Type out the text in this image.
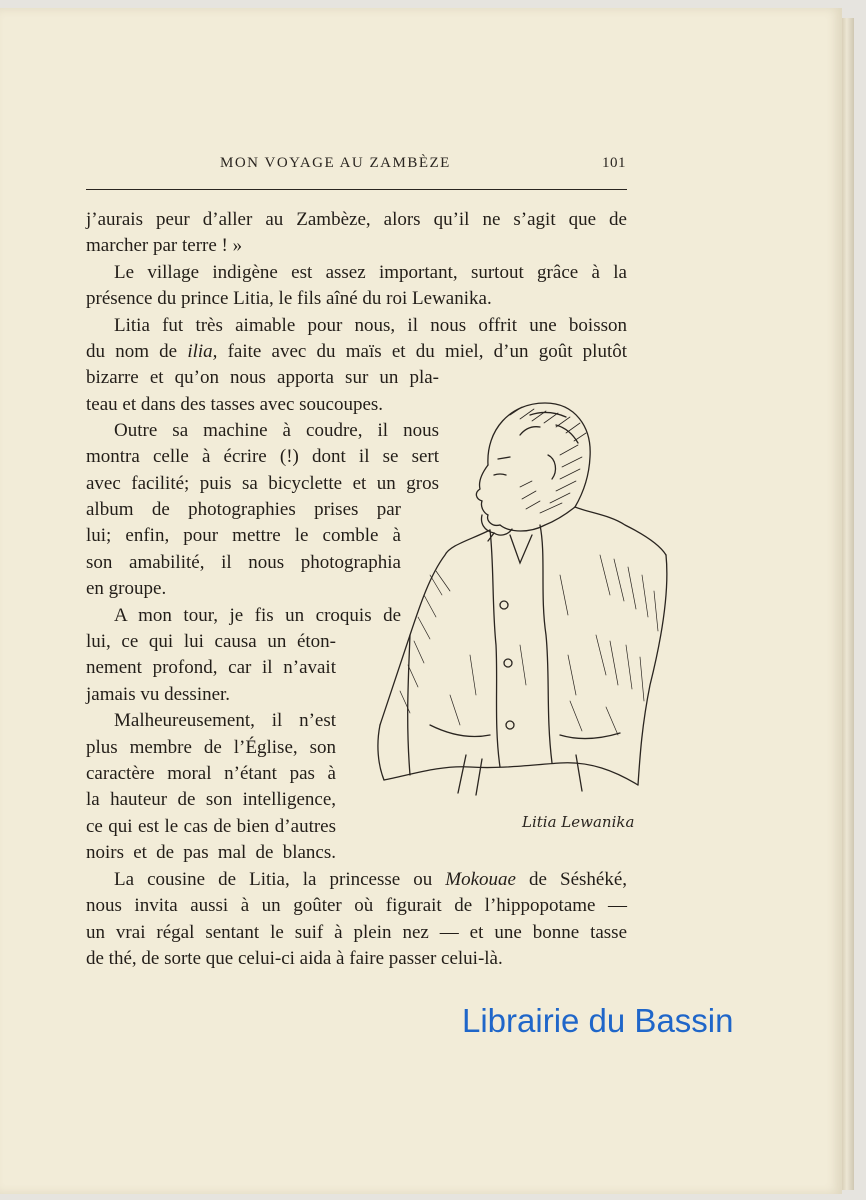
MON VOYAGE AU ZAMBÈZE	101
j’aurais peur d’aller au Zambèze, alors qu’il ne s’agit que de
marcher par terre ! »
Le village indigène est assez important, surtout grâce à la
présence du prince Litia, le fils aîné du roi Lewanika.
Litia fut très aimable pour nous, il nous offrit une boisson
du nom de ilia, faite avec du maïs et du miel, d’un goût plutôt
bizarre et qu’on nous apporta sur un pla-
teau et dans des tasses avec soucoupes.
Outre sa machine à coudre, il nous
montra celle à écrire (!) dont il se sert
avec facilité; puis sa bicyclette et un gros
album de photographies prises par
lui; enfin, pour mettre le comble à
son amabilité, il nous photographia
en groupe.
A mon tour, je fis un croquis de
lui, ce qui lui causa un éton-
nement profond, car il n’avait
jamais vu dessiner.
Malheureusement, il n’est
plus membre de l’Église, son
caractère moral n’étant pas à
la hauteur de son intelligence,
ce qui est le cas de bien d’autres
noirs et de pas mal de blancs.
La cousine de Litia, la princesse ou Mokouae de Séshéké,
nous invita aussi à un goûter où figurait de l’hippopotame —
un vrai régal sentant le suif à plein nez — et une bonne tasse
de thé, de sorte que celui-ci aida à faire passer celui-là.
Litia Lewanika
Librairie du Bassin
